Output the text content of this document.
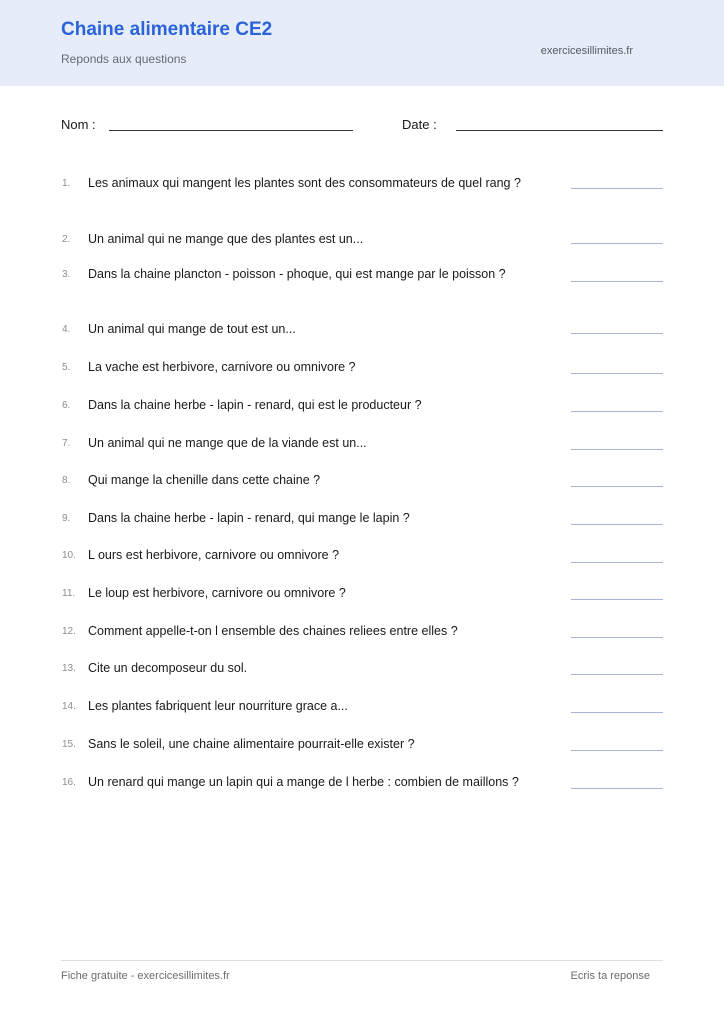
Chaine alimentaire CE2
Reponds aux questions
exercicesillimites.fr
Nom :	Date :
1. Les animaux qui mangent les plantes sont des consommateurs de quel rang ?
2. Un animal qui ne mange que des plantes est un...
3. Dans la chaine plancton - poisson - phoque, qui est mange par le poisson ?
4. Un animal qui mange de tout est un...
5. La vache est herbivore, carnivore ou omnivore ?
6. Dans la chaine herbe - lapin - renard, qui est le producteur ?
7. Un animal qui ne mange que de la viande est un...
8. Qui mange la chenille dans cette chaine ?
9. Dans la chaine herbe - lapin - renard, qui mange le lapin ?
10. L ours est herbivore, carnivore ou omnivore ?
11. Le loup est herbivore, carnivore ou omnivore ?
12. Comment appelle-t-on l ensemble des chaines reliees entre elles ?
13. Cite un decomposeur du sol.
14. Les plantes fabriquent leur nourriture grace a...
15. Sans le soleil, une chaine alimentaire pourrait-elle exister ?
16. Un renard qui mange un lapin qui a mange de l herbe : combien de maillons ?
Fiche gratuite - exercicesillimites.fr	Ecris ta reponse
